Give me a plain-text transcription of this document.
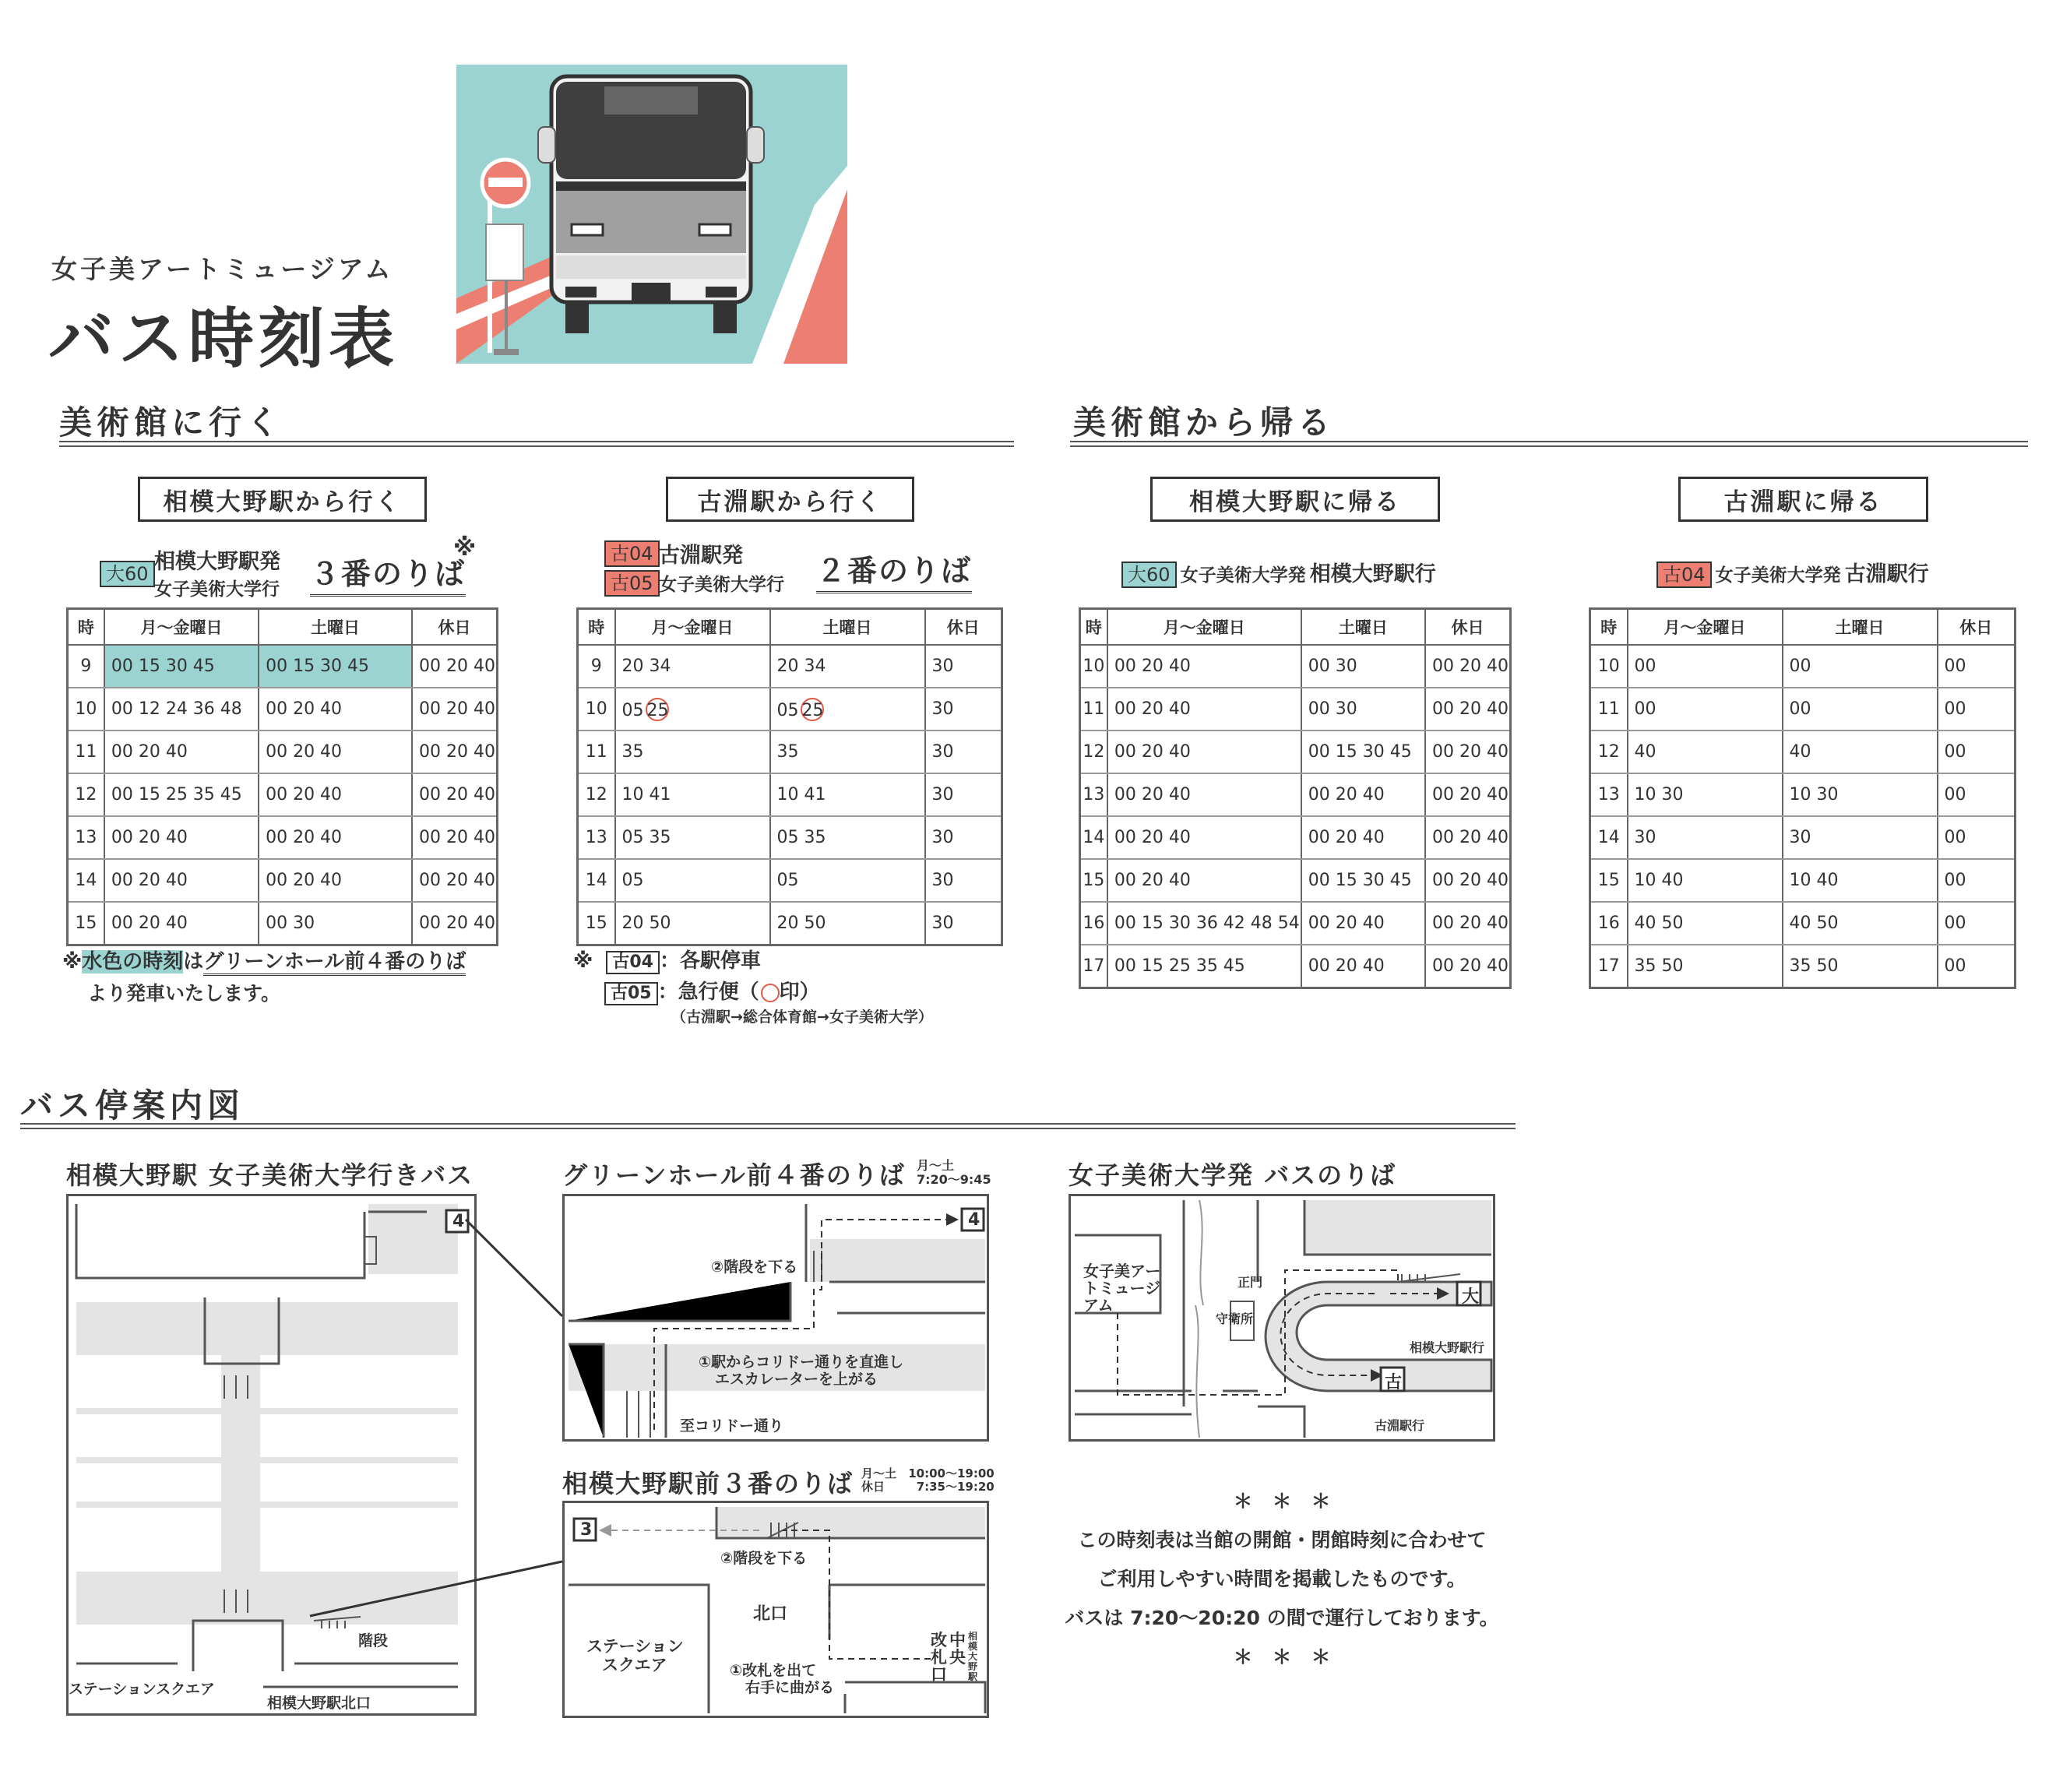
女子美アートミュージアム
バス時刻表
美術館に行く
相模大野駅から行く
大60 相模大野駅発
女子美術大学行 ３番のりば
※
時	月～金曜日	土曜日	休日
9	00 15 30 45	00 15 30 45	00 20 40
10	00 12 24 36 48	00 20 40	00 20 40
11	00 20 40	00 20 40	00 20 40
12	00 15 25 35 45	00 20 40	00 20 40
13	00 20 40	00 20 40	00 20 40
14	00 20 40	00 20 40	00 20 40
15	00 20 40	00 30	00 20 40
※水色の時刻はグリーンホール前４番のりば
より発車いたします。
古淵駅から行く
古04
古05
古淵駅発
女子美術大学行 ２番のりば
時	月～金曜日	土曜日	休日
9	20 34	20 34	30
10	05 25	05 25	30
11	35	35	30
12	10 41	10 41	30
13	05 35	05 35	30
14	05	05	30
15	20 50	20 50	30
※ 古04 ：各駅停車
古05 ：急行便（ ○印）
（古淵駅→総合体育館→女子美術大学）
美術館から帰る
相模大野駅に帰る
大60 女子美術大学発 相模大野駅行
時	月～金曜日	土曜日	休日
10	00 20 40	00 30	00 20 40
11	00 20 40	00 30	00 20 40
12	00 20 40	00 15 30 45	00 20 40
13	00 20 40	00 20 40	00 20 40
14	00 20 40	00 20 40	00 20 40
15	00 20 40	00 15 30 45	00 20 40
16	00 15 30 36 42 48 54	00 20 40	00 20 40
17	00 15 25 35 45	00 20 40	00 20 40
古淵駅に帰る
古04 女子美術大学発 古淵駅行
時	月～金曜日	土曜日	休日
10	00	00	00
11	00	00	00
12	40	40	00
13	10 30	10 30	00
14	30	30	00
15	10 40	10 40	00
16	40 50	40 50	00
17	35 50	35 50	00
バス停案内図
相模大野駅 女子美術大学行きバス
4
階段
ステーションスクエア
相模大野駅北口
グリーンホール前４番のりば 月～土
7:20～9:45
4
②階段を下る
①駅からコリドー通りを直進し
エスカレーターを上がる
至コリドー通り
相模大野駅前３番のりば 月～土
休日

10:00～19:00
7:35～19:20
3
②階段を下る
北口
ステーション
スクエア	①改札を出て
右手に曲がる
改札口
中央
相模大野駅
女子美術大学発 バスのりば
女子美アートミュージアム
正門
守衛所
大
相模大野駅行
古
古淵駅行
＊　＊　＊
この時刻表は当館の開館・閉館時刻に合わせて
ご利用しやすい時間を掲載したものです。
バスは 7:20～20:20 の間で運行しております。
＊　＊　＊
